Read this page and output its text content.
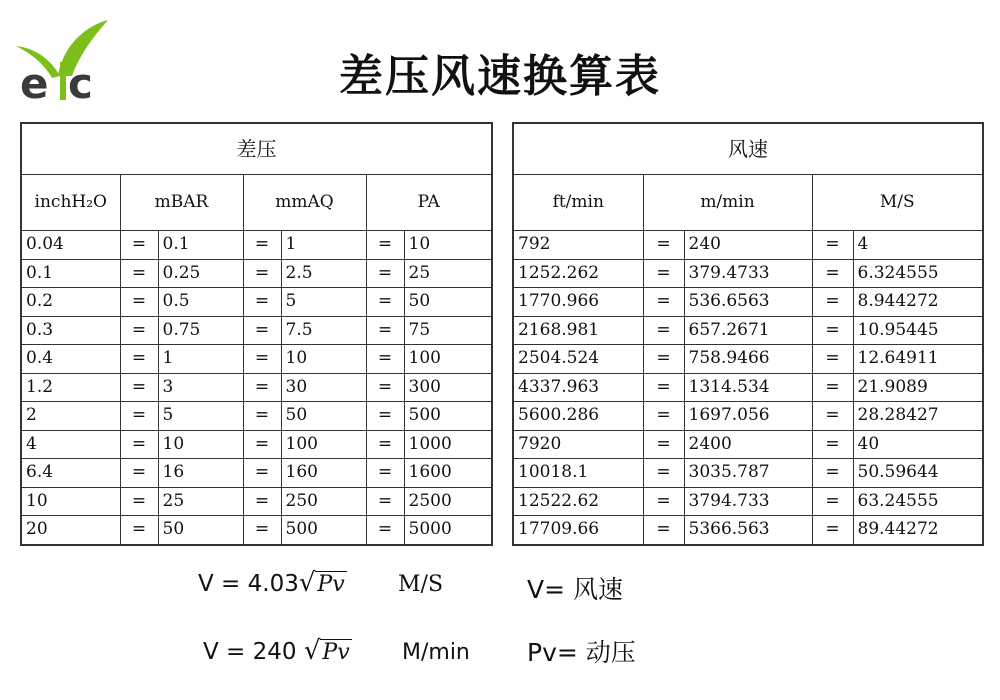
e c	差压风速换算表
差压						
inchH₂O	mBAR		mmAQ		PA	
0.04	=	0.1	=	1	=	10
0.1	=	0.25	=	2.5	=	25
0.2	=	0.5	=	5	=	50
0.3	=	0.75	=	7.5	=	75
0.4	=	1	=	10	=	100
1.2	=	3	=	30	=	300
2	=	5	=	50	=	500
4	=	10	=	100	=	1000
6.4	=	16	=	160	=	1600
10	=	25	=	250	=	2500
20	=	50	=	500	=	5000
风速				
ft/min	m/min		M/S	
792	=	240	=	4
1252.262	=	379.4733	=	6.324555
1770.966	=	536.6563	=	8.944272
2168.981	=	657.2671	=	10.95445
2504.524	=	758.9466	=	12.64911
4337.963	=	1314.534	=	21.9089
5600.286	=	1697.056	=	28.28427
7920	=	2400	=	40
10018.1	=	3035.787	=	50.59644
12522.62	=	3794.733	=	63.24555
17709.66	=	5366.563	=	89.44272
V = 4.03√Pv M/S
V = 240 √Pv M/min
V= 风速
Pv= 动压
